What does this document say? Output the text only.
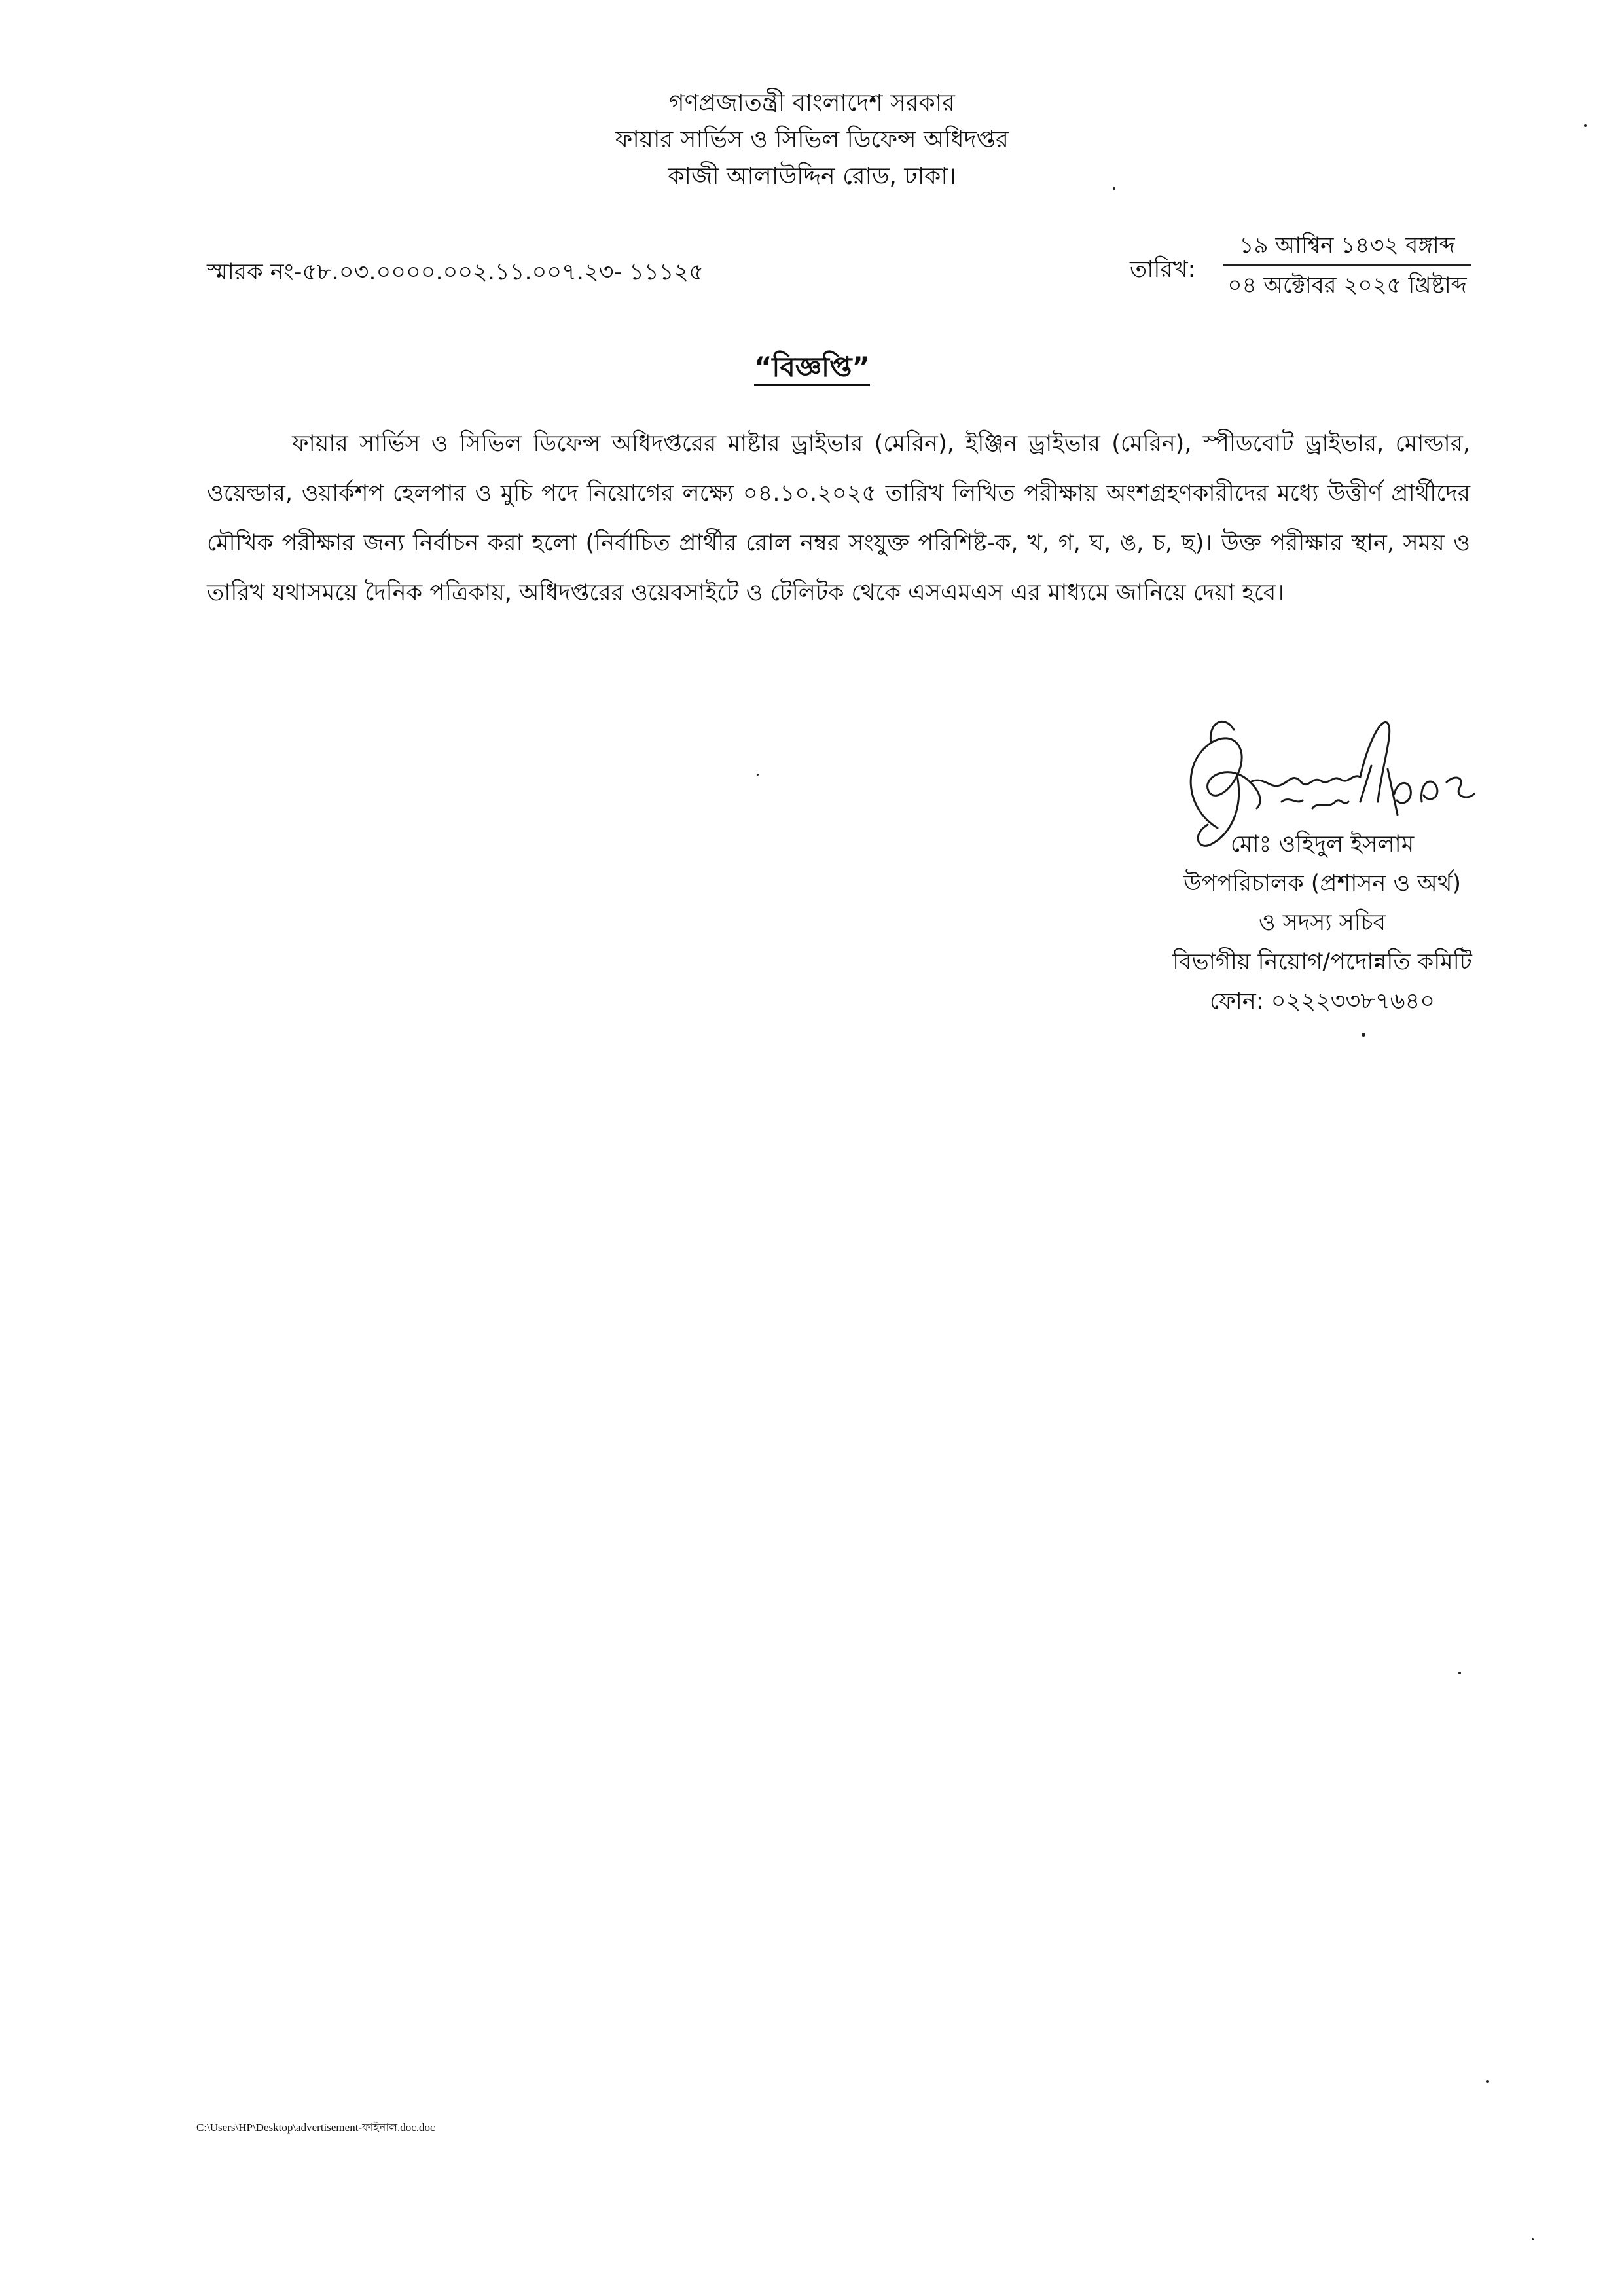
গণপ্রজাতন্ত্রী বাংলাদেশ সরকার
ফায়ার সার্ভিস ও সিভিল ডিফেন্স অধিদপ্তর
কাজী আলাউদ্দিন রোড, ঢাকা।
স্মারক নং-৫৮.০৩.০০০০.০০২.১১.০০৭.২৩- ১১১২৫	তারিখ:
১৯ আশ্বিন ১৪৩২ বঙ্গাব্দ
০৪ অক্টোবর ২০২৫ খ্রিষ্টাব্দ
“বিজ্ঞপ্তি”
ফায়ার সার্ভিস ও সিভিল ডিফেন্স অধিদপ্তরের মাষ্টার ড্রাইভার (মেরিন), ইঞ্জিন ড্রাইভার (মেরিন), স্পীডবোট ড্রাইভার, মোল্ডার, ওয়েল্ডার, ওয়ার্কশপ হেলপার ও মুচি পদে নিয়োগের লক্ষ্যে ০৪.১০.২০২৫ তারিখ লিখিত পরীক্ষায় অংশগ্রহণকারীদের মধ্যে উত্তীর্ণ প্রার্থীদের মৌখিক পরীক্ষার জন্য নির্বাচন করা হলো (নির্বাচিত প্রার্থীর রোল নম্বর সংযুক্ত পরিশিষ্ট-ক, খ, গ, ঘ, ঙ, চ, ছ)। উক্ত পরীক্ষার স্থান, সময় ও তারিখ যথাসময়ে দৈনিক পত্রিকায়, অধিদপ্তরের ওয়েবসাইটে ও টেলিটক থেকে এসএমএস এর মাধ্যমে জানিয়ে দেয়া হবে।
মোঃ ওহিদুল ইসলাম
উপপরিচালক (প্রশাসন ও অর্থ)
ও সদস্য সচিব
বিভাগীয় নিয়োগ/পদোন্নতি কমিটি
ফোন: ০২২২৩৩৮৭৬৪০
C:\Users\HP\Desktop\advertisement-ফাইনাল.doc.doc
